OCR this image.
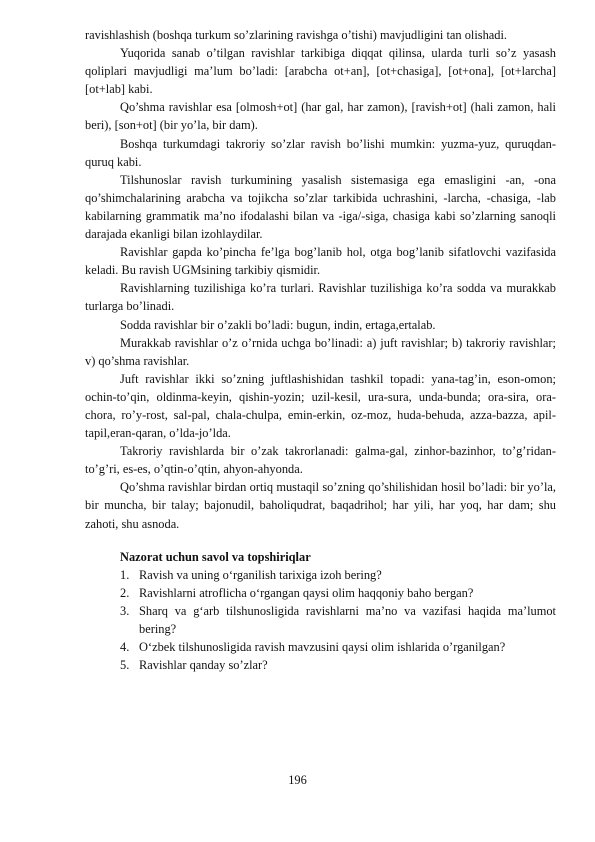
ravishlashish (boshqa turkum so’zlarining ravishga o’tishi) mavjudligini tan olishadi.

Yuqorida sanab o’tilgan ravishlar tarkibiga diqqat qilinsa, ularda turli so’z yasash qoliplari mavjudligi ma’lum bo’ladi: [arabcha ot+an], [ot+chasiga], [ot+ona], [ot+larcha] [ot+lab] kabi.

Qo’shma ravishlar esa [olmosh+ot] (har gal, har zamon), [ravish+ot] (hali zamon, hali beri), [son+ot] (bir yo’la, bir dam).

Boshqa turkumdagi takroriy so’zlar ravish bo’lishi mumkin: yuzma-yuz, quruqdan-quruq kabi.

Tilshunoslar ravish turkumining yasalish sistemasiga ega emasligini -an, -ona qo’shimchalarining arabcha va tojikcha so’zlar tarkibida uchrashini, -larcha, -chasiga, -lab kabilarning grammatik ma’no ifodalashi bilan va -iga/-siga, chasiga kabi so’zlarning sanoqli darajada ekanligi bilan izohlaydilar.

Ravishlar gapda ko’pincha fe’lga bog’lanib hol, otga bog’lanib sifatlovchi vazifasida keladi. Bu ravish UGMsining tarkibiy qismidir.

Ravishlarning tuzilishiga ko’ra turlari. Ravishlar tuzilishiga ko’ra sodda va murakkab turlarga bo’linadi.

Sodda ravishlar bir o’zakli bo’ladi: bugun, indin, ertaga,ertalab.

Murakkab ravishlar o’z o’rnida uchga bo’linadi: a) juft ravishlar; b) takroriy ravishlar; v) qo’shma ravishlar.

Juft ravishlar ikki so’zning juftlashishidan tashkil topadi: yana-tag’in, eson-omon; ochin-to’qin, oldinma-keyin, qishin-yozin; uzil-kesil, ura-sura, unda-bunda; ora-sira, ora-chora, ro’y-rost, sal-pal, chala-chulpa, emin-erkin, oz-moz, huda-behuda, azza-bazza, apil-tapil,eran-qaran, o’lda-jo’lda.

Takroriy ravishlarda bir o’zak takrorlanadi: galma-gal, zinhor-bazinhor, to’g’ridan-to’g’ri, es-es, o’qtin-o’qtin, ahyon-ahyonda.

Qo’shma ravishlar birdan ortiq mustaqil so’zning qo’shilishidan hosil bo’ladi: bir yo’la, bir muncha, bir talay; bajonudil, baholiqudrat, baqadrihol; har yili, har yoq, har dam; shu zahoti, shu asnoda.

Nazorat uchun savol va topshiriqlar

1. Ravish va uning o‘rganilish tarixiga izoh bering?
2. Ravishlarni atroflicha o‘rgangan qaysi olim haqqoniy baho bergan?
3. Sharq va g‘arb tilshunosligida ravishlarni ma’no va vazifasi haqida ma’lumot bering?
4. O‘zbek tilshunosligida ravish mavzusini qaysi olim ishlarida o’rganilgan?
5. Ravishlar qanday so’zlar?
196
